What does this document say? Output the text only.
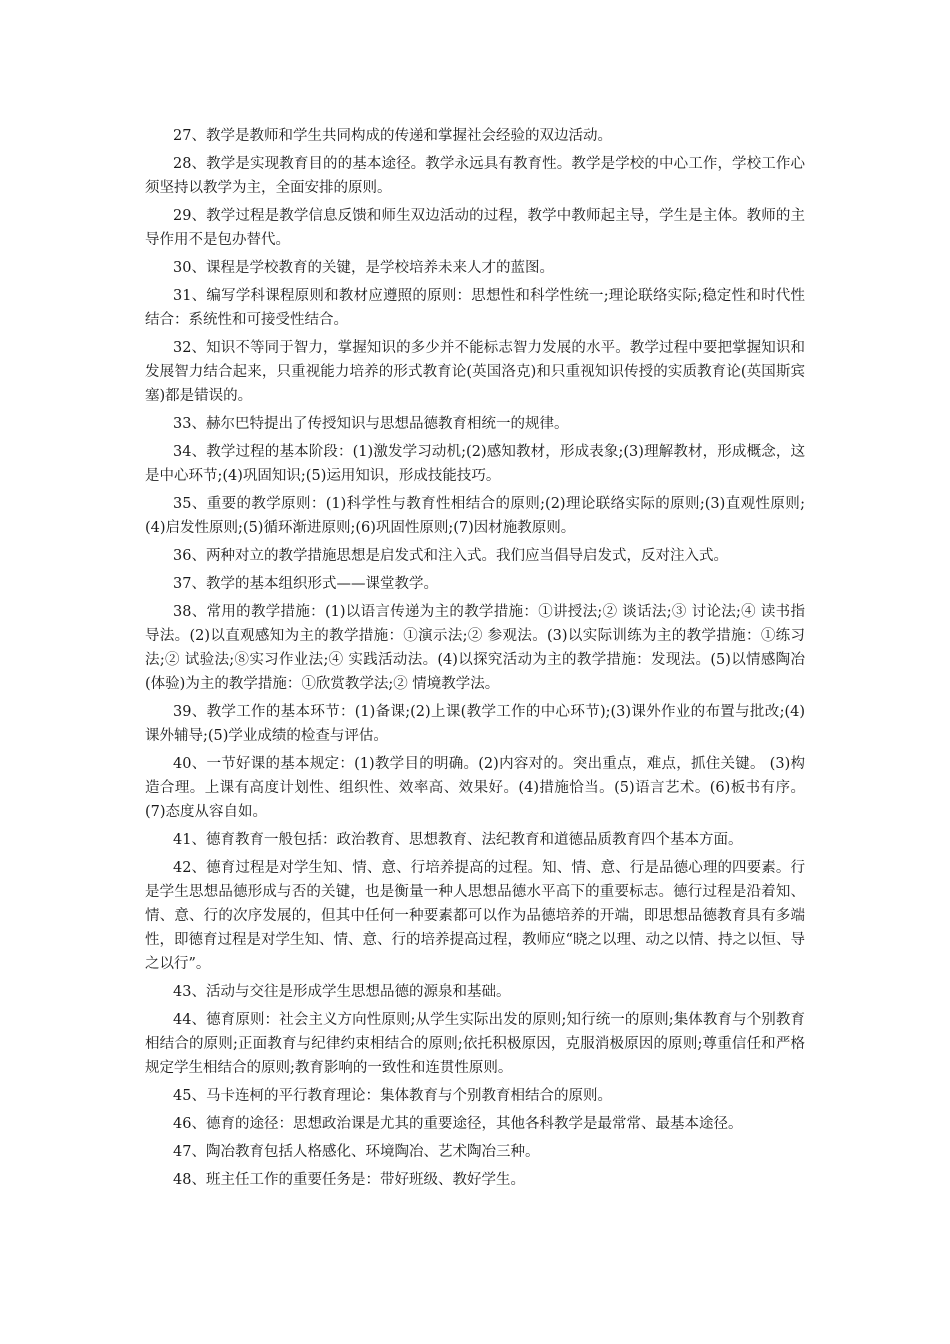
27、教学是教师和学生共同构成的传递和掌握社会经验的双边活动。

28、教学是实现教育目的的基本途径。教学永远具有教育性。教学是学校的中心工作，学校工作心须坚持以教学为主，全面安排的原则。

29、教学过程是教学信息反馈和师生双边活动的过程，教学中教师起主导，学生是主体。教师的主导作用不是包办替代。

30、课程是学校教育的关键，是学校培养未来人才的蓝图。

31、编写学科课程原则和教材应遵照的原则：思想性和科学性统一;理论联络实际;稳定性和时代性结合：系统性和可接受性结合。

32、知识不等同于智力，掌握知识的多少并不能标志智力发展的水平。教学过程中要把掌握知识和发展智力结合起来，只重视能力培养的形式教育论(英国洛克)和只重视知识传授的实质教育论(英国斯宾塞)都是错误的。

33、赫尔巴特提出了传授知识与思想品德教育相统一的规律。

34、教学过程的基本阶段：(1)激发学习动机;(2)感知教材，形成表象;(3)理解教材，形成概念，这是中心环节;(4)巩固知识;(5)运用知识，形成技能技巧。

35、重要的教学原则：(1)科学性与教育性相结合的原则;(2)理论联络实际的原则;(3)直观性原则;(4)启发性原则;(5)循环渐进原则;(6)巩固性原则;(7)因材施教原则。

36、两种对立的教学措施思想是启发式和注入式。我们应当倡导启发式，反对注入式。

37、教学的基本组织形式——课堂教学。

38、常用的教学措施：(1)以语言传递为主的教学措施：①讲授法;② 谈话法;③ 讨论法;④ 读书指导法。(2)以直观感知为主的教学措施：①演示法;② 参观法。(3)以实际训练为主的教学措施：①练习法;② 试验法;⑧实习作业法;④ 实践活动法。(4)以探究活动为主的教学措施：发现法。(5)以情感陶冶(体验)为主的教学措施：①欣赏教学法;② 情境教学法。

39、教学工作的基本环节：(1)备课;(2)上课(教学工作的中心环节);(3)课外作业的布置与批改;(4)课外辅导;(5)学业成绩的检查与评估。

40、一节好课的基本规定：(1)教学目的明确。(2)内容对的。突出重点，难点，抓住关键。 (3)构造合理。上课有高度计划性、组织性、效率高、效果好。(4)措施恰当。(5)语言艺术。(6)板书有序。(7)态度从容自如。

41、德育教育一般包括：政治教育、思想教育、法纪教育和道德品质教育四个基本方面。

42、德育过程是对学生知、情、意、行培养提高的过程。知、情、意、行是品德心理的四要素。行是学生思想品德形成与否的关键，也是衡量一种人思想品德水平高下的重要标志。德行过程是沿着知、情、意、行的次序发展的，但其中任何一种要素都可以作为品德培养的开端，即思想品德教育具有多端性，即德育过程是对学生知、情、意、行的培养提高过程，教师应“晓之以理、动之以情、持之以恒、导之以行”。

43、活动与交往是形成学生思想品德的源泉和基础。

44、德育原则：社会主义方向性原则;从学生实际出发的原则;知行统一的原则;集体教育与个别教育相结合的原则;正面教育与纪律约束相结合的原则;依托积极原因，克服消极原因的原则;尊重信任和严格规定学生相结合的原则;教育影响的一致性和连贯性原则。

45、马卡连柯的平行教育理论：集体教育与个别教育相结合的原则。

46、德育的途径：思想政治课是尤其的重要途径，其他各科教学是最常常、最基本途径。

47、陶冶教育包括人格感化、环境陶冶、艺术陶冶三种。

48、班主任工作的重要任务是：带好班级、教好学生。
